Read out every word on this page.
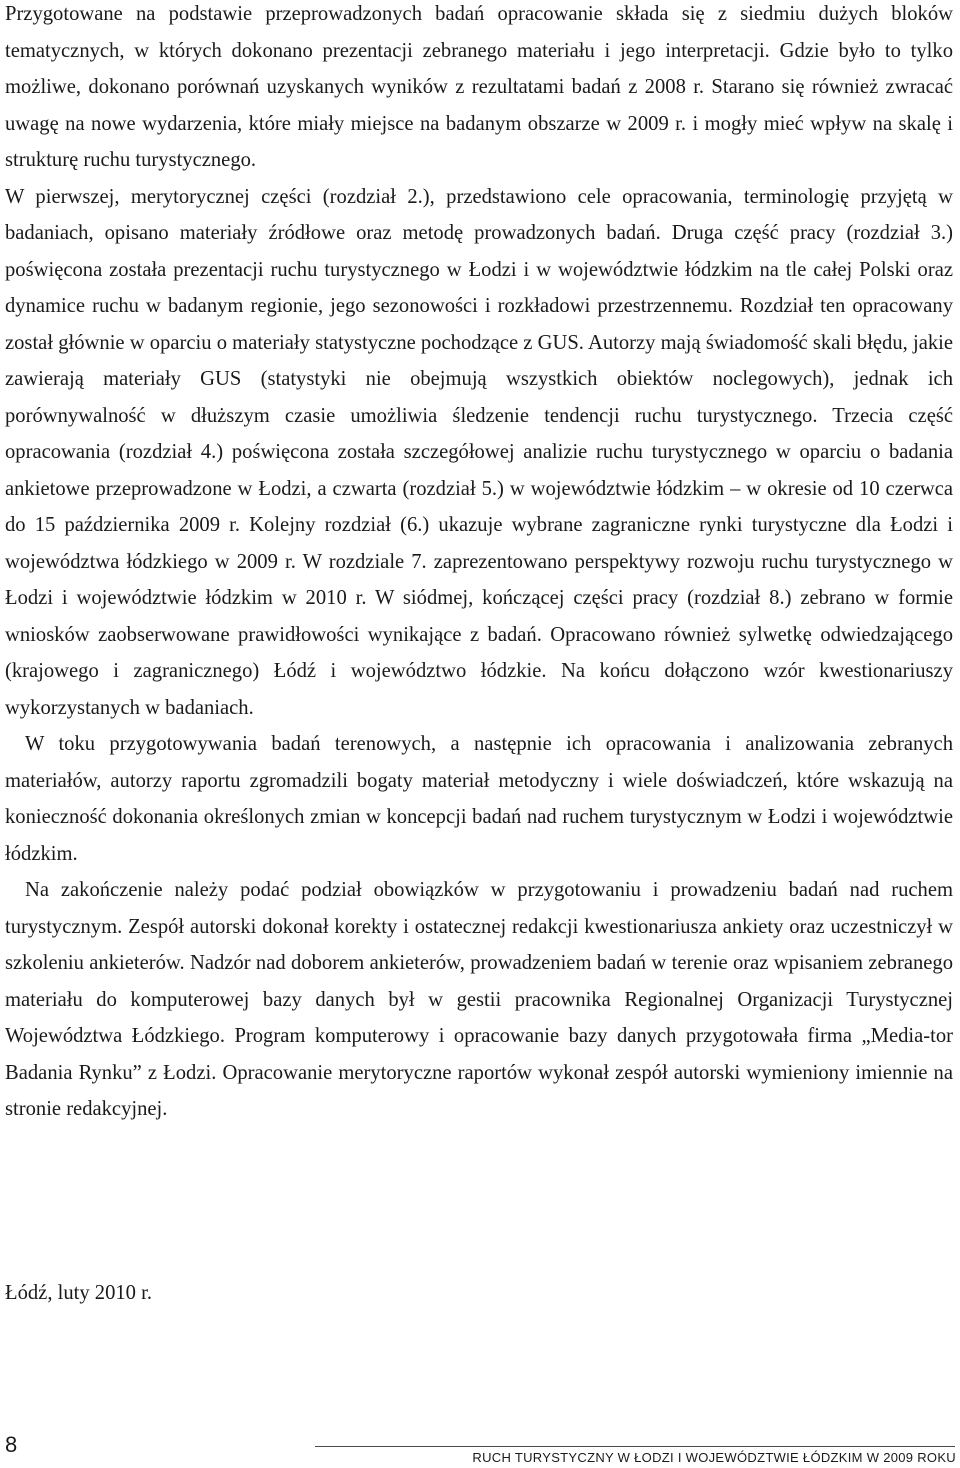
Przygotowane na podstawie przeprowadzonych badań opracowanie składa się z siedmiu dużych bloków tematycznych, w których dokonano prezentacji zebranego materiału i jego interpretacji. Gdzie było to tylko możliwe, dokonano porównań uzyskanych wyników z rezultatami badań z 2008 r. Starano się również zwracać uwagę na nowe wydarzenia, które miały miejsce na badanym obszarze w 2009 r. i mogły mieć wpływ na skalę i strukturę ruchu turystycznego.

W pierwszej, merytorycznej części (rozdział 2.), przedstawiono cele opracowania, terminologię przyjętą w badaniach, opisano materiały źródłowe oraz metodę prowadzonych badań. Druga część pracy (rozdział 3.) poświęcona została prezentacji ruchu turystycznego w Łodzi i w województwie łódzkim na tle całej Polski oraz dynamice ruchu w badanym regionie, jego sezonowości i rozkładowi przestrzennemu. Rozdział ten opracowany został głównie w oparciu o materiały statystyczne pochodzące z GUS. Autorzy mają świadomość skali błędu, jakie zawierają materiały GUS (statystyki nie obejmują wszystkich obiektów noclegowych), jednak ich porównywalność w dłuższym czasie umożliwia śledzenie tendencji ruchu turystycznego. Trzecia część opracowania (rozdział 4.) poświęcona została szczegółowej analizie ruchu turystycznego w oparciu o badania ankietowe przeprowadzone w Łodzi, a czwarta (rozdział 5.) w województwie łódzkim – w okresie od 10 czerwca do 15 października 2009 r. Kolejny rozdział (6.) ukazuje wybrane zagraniczne rynki turystyczne dla Łodzi i województwa łódzkiego w 2009 r. W rozdziale 7. zaprezentowano perspektywy rozwoju ruchu turystycznego w Łodzi i województwie łódzkim w 2010 r. W siódmej, kończącej części pracy (rozdział 8.) zebrano w formie wniosków zaobserwowane prawidłowości wynikające z badań. Opracowano również sylwetkę odwiedzającego (krajowego i zagranicznego) Łódź i województwo łódzkie. Na końcu dołączono wzór kwestionariuszy wykorzystanych w badaniach.

W toku przygotowywania badań terenowych, a następnie ich opracowania i analizowania zebranych materiałów, autorzy raportu zgromadzili bogaty materiał metodyczny i wiele doświadczeń, które wskazują na konieczność dokonania określonych zmian w koncepcji badań nad ruchem turystycznym w Łodzi i województwie łódzkim.

Na zakończenie należy podać podział obowiązków w przygotowaniu i prowadzeniu badań nad ruchem turystycznym. Zespół autorski dokonał korekty i ostatecznej redakcji kwestionariusza ankiety oraz uczestniczył w szkoleniu ankieterów. Nadzór nad doborem ankieterów, prowadzeniem badań w terenie oraz wpisaniem zebranego materiału do komputerowej bazy danych był w gestii pracownika Regionalnej Organizacji Turystycznej Województwa Łódzkiego. Program komputerowy i opracowanie bazy danych przygotowała firma „Media-tor Badania Rynku” z Łodzi. Opracowanie merytoryczne raportów wykonał zespół autorski wymieniony imiennie na stronie redakcyjnej.

Łódź, luty 2010 r.
8
RUCH TURYSTYCZNY W ŁODZI I WOJEWÓDZTWIE ŁÓDZKIM W 2009 ROKU
